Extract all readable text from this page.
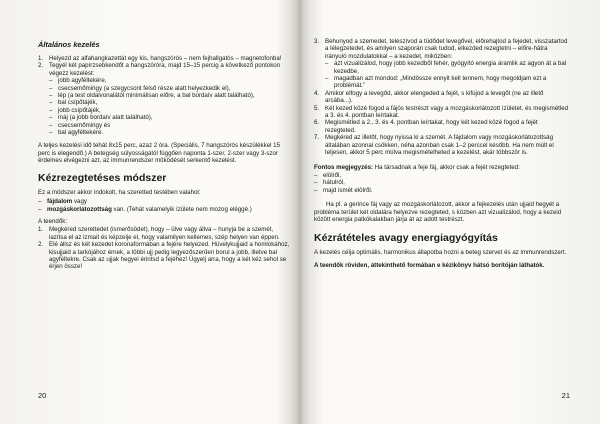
Általános kezelés
1. Helyezd az alfahangkazettát egy kis, hangszórós – nem fejhallgatós – magnetofonba!
2. Tegyél két papírzsebkendőt a hangszóróra, majd 15–15 percig a következő pontokon végezz kezelést:
– jobb agyféltekére,
– csecsemőmirigy (a szegycsont felső része alatt helyezkedik el),
– lép (a test oldalvonalától minimálisan előre, a bal bordaív alatt található),
– bal csípőtájék,
– jobb csípőtájék,
– máj (a jobb bordaív alatt található),
– csecsemőmirigy és
– bal agyféltekére.

A teljes kezelési idő tehát 8x15 perc, azaz 2 óra. (Speciális, 7 hangszórós készülékkel 15 perc is elegendő.) A betegség súlyosságától függően naponta 1-szer, 2-szer vagy 3-szor érdemes elvégezni azt, az immunrendszer működését serkentő kezelést.

Kézrezegtetéses módszer

Ez a módszer akkor indokolt, ha szeretted testében valahol:

– fájdalom vagy
– mozgáskorlátozottság van. (Tehát valamelyik ízülete nem mozog eléggé.)

A teendők:

1. Megkéred szerettedet (ismerősödet), hogy – ülve vagy állva – hunyja be a szemét, lazítsa el az izmait és képzelje el, hogy valamilyen kellemes, szép helyen van éppen.
2. Elé állsz és két kezedet koronaformában a fejére helyezed. Hüvelykujjaid a homlokához, kisujjaid a tarkójához érnek, a többi ujj pedig legyezőszerűen borul a jobb, illetve bal agyféltekre. Csak az ujjak hegyei érintsd a fejéhez! Ügyelj arra, hogy a két kéz sehol se érjen össze!
20
3. Behunyod a szemedet, teleszívod a tüdődet levegővel, előrehajtod a fejedet, visszatartod a lélegzetedet, és amilyen szaporán csak tudod, elkezded rezegtetni – előre-hátra irányuló mozdulatokkal – a kezedet, miközben:
– azt vizualizálod, hogy jobb kezedből fehér, gyógyító energia áramlik az agyon át a bal kezedbe,
– magadban azt mondod: „Mindössze ennyit kell tennem, hogy megoldjam ezt a problémát.”
4. Amikor elfogy a levegőd, akkor elengeded a fejét, s kifújod a levegőt (ne az illető arcába...).
5. Két kezed közé fogod a fájós testrészt vagy a mozgáskorlátozott ízületet, és megismétled a 3. és 4. pontban leírtakat.
6. Megismétled a 2., 3. és 4. pontban leírtakat, hogy két kezed közé fogod a fejét rezegteted.
7. Megkéred az illetőt, hogy nyissa ki a szemét. A fájdalom vagy mozgáskorlátozottság általában azonnal csökken, néha azonban csak 1–2 perccel később. Ha nem múlt el teljesen, akkor 5 perc múlva megismételheted a kezelést, akár többször is.

Fontos megjegyzés: Ha társadnak a feje fáj, akkor csak a fejét rezegteted:

– elölről,
– hátulról,
– majd ismét elölről.

Ha pl. a gerince fáj vagy az mozgáskorlátozott, akkor a fejkezelés után ujjaid hegyét a probléma terület két oldalára helyezve rezegteted, s közben azt vizualizálod, hogy a kezeid között energia patkókalakban járja át az adott testrészt.

Kézrátételes avagy energiagyógyítás

A kezelés célja optimális, harmonikus állapotba hozni a beteg szervet és az immunrendszert.

A teendők röviden, áttekinthető formában e kézikönyv hátsó borítóján láthatók.

21
